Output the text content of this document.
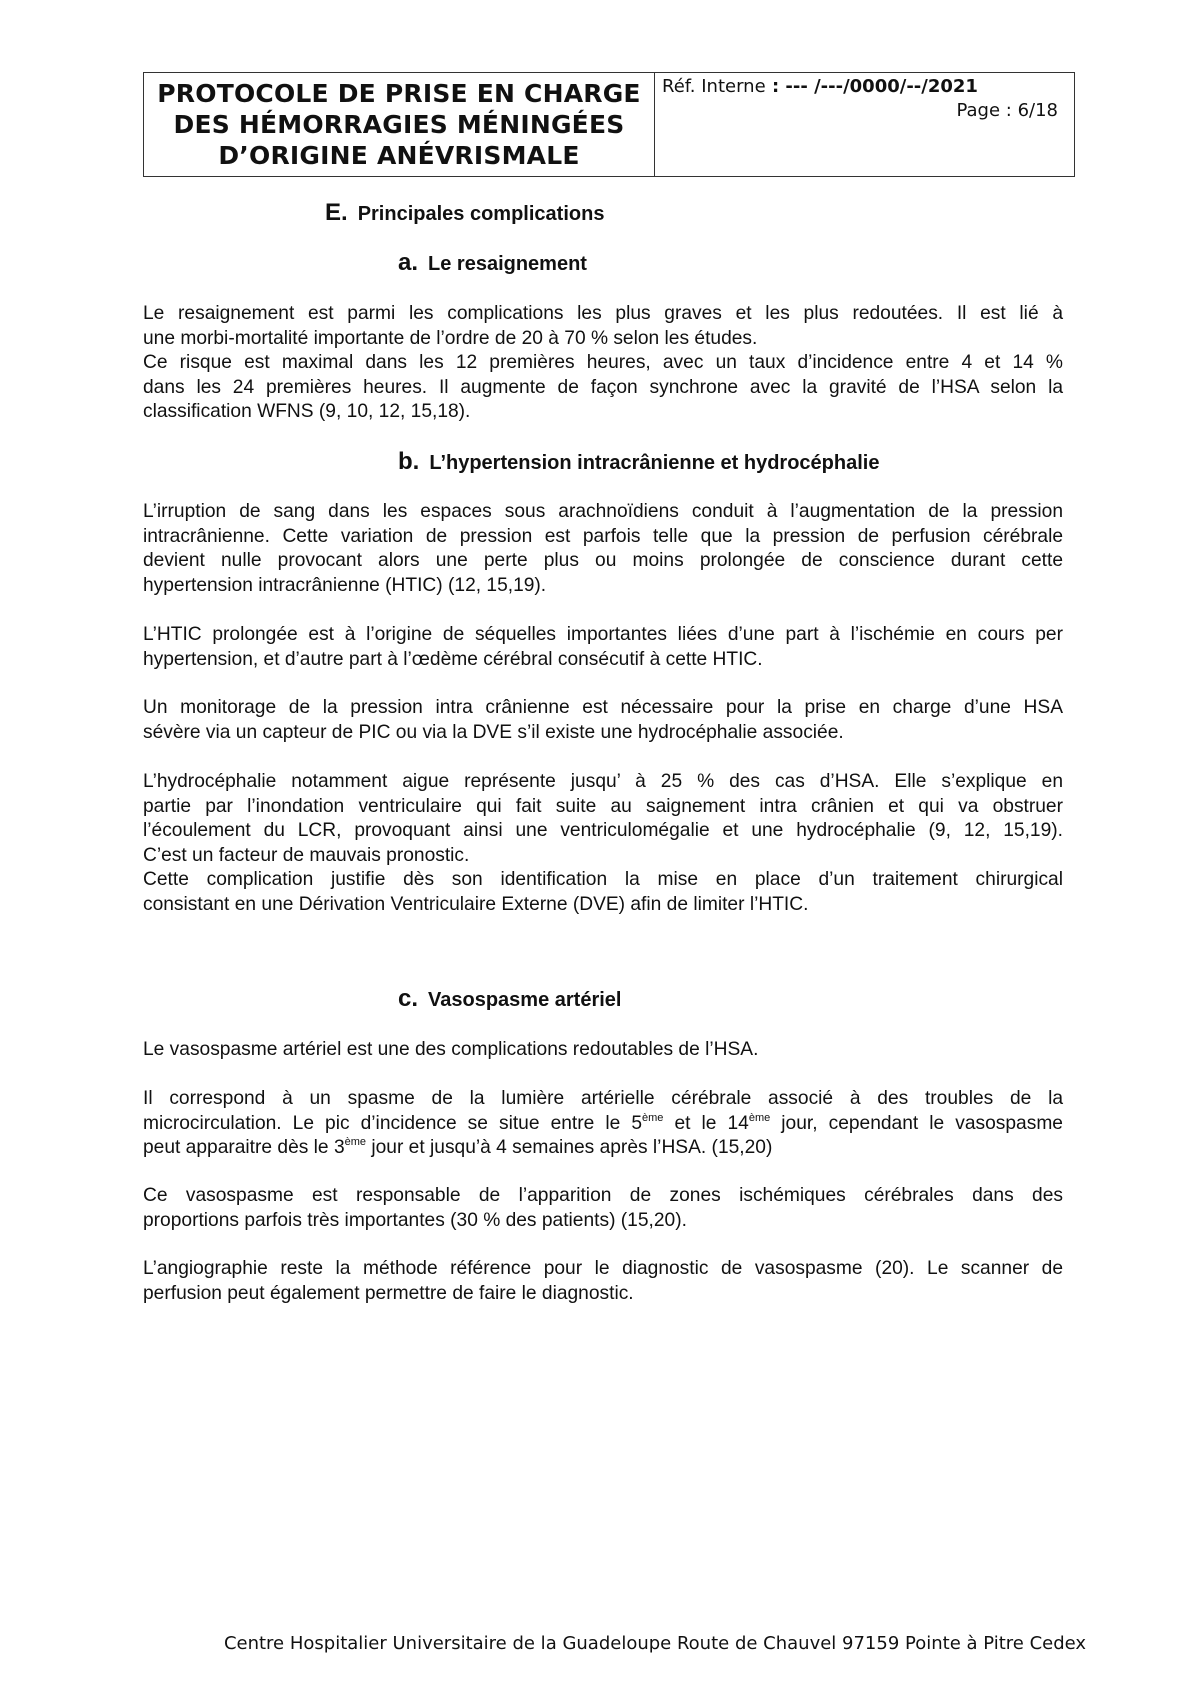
PROTOCOLE DE PRISE EN CHARGE
DES HÉMORRAGIES MÉNINGÉES
D’ORIGINE ANÉVRISMALE
Réf. Interne : --- /---/0000/--/2021
Page : 6/18
E. Principales complications
a. Le resaignement
Le resaignement est parmi les complications les plus graves et les plus redoutées. Il est lié à
une morbi-mortalité importante de l’ordre de 20 à 70 % selon les études.
Ce risque est maximal dans les 12 premières heures, avec un taux d’incidence entre 4 et 14 %
dans les 24 premières heures. Il augmente de façon synchrone avec la gravité de l’HSA selon la
classification WFNS (9, 10, 12, 15,18).
b. L’hypertension intracrânienne et hydrocéphalie
L’irruption de sang dans les espaces sous arachnoïdiens conduit à l’augmentation de la pression
intracrânienne. Cette variation de pression est parfois telle que la pression de perfusion cérébrale
devient nulle provocant alors une perte plus ou moins prolongée de conscience durant cette
hypertension intracrânienne (HTIC) (12, 15,19).
L’HTIC prolongée est à l’origine de séquelles importantes liées d’une part à l’ischémie en cours per
hypertension, et d’autre part à l’œdème cérébral consécutif à cette HTIC.
Un monitorage de la pression intra crânienne est nécessaire pour la prise en charge d’une HSA
sévère via un capteur de PIC ou via la DVE s’il existe une hydrocéphalie associée.
L’hydrocéphalie notamment aigue représente jusqu’ à 25 % des cas d’HSA. Elle s’explique en
partie par l’inondation ventriculaire qui fait suite au saignement intra crânien et qui va obstruer
l’écoulement du LCR, provoquant ainsi une ventriculomégalie et une hydrocéphalie (9, 12, 15,19).
C’est un facteur de mauvais pronostic.
Cette complication justifie dès son identification la mise en place d’un traitement chirurgical
consistant en une Dérivation Ventriculaire Externe (DVE) afin de limiter l’HTIC.
c. Vasospasme artériel
Le vasospasme artériel est une des complications redoutables de l’HSA.
Il correspond à un spasme de la lumière artérielle cérébrale associé à des troubles de la
microcirculation. Le pic d’incidence se situe entre le 5ème et le 14ème jour, cependant le vasospasme
peut apparaitre dès le 3ème jour et jusqu’à 4 semaines après l’HSA. (15,20)
Ce vasospasme est responsable de l’apparition de zones ischémiques cérébrales dans des
proportions parfois très importantes (30 % des patients) (15,20).
L’angiographie reste la méthode référence pour le diagnostic de vasospasme (20). Le scanner de
perfusion peut également permettre de faire le diagnostic.
Centre Hospitalier Universitaire de la Guadeloupe Route de Chauvel 97159 Pointe à Pitre Cedex
